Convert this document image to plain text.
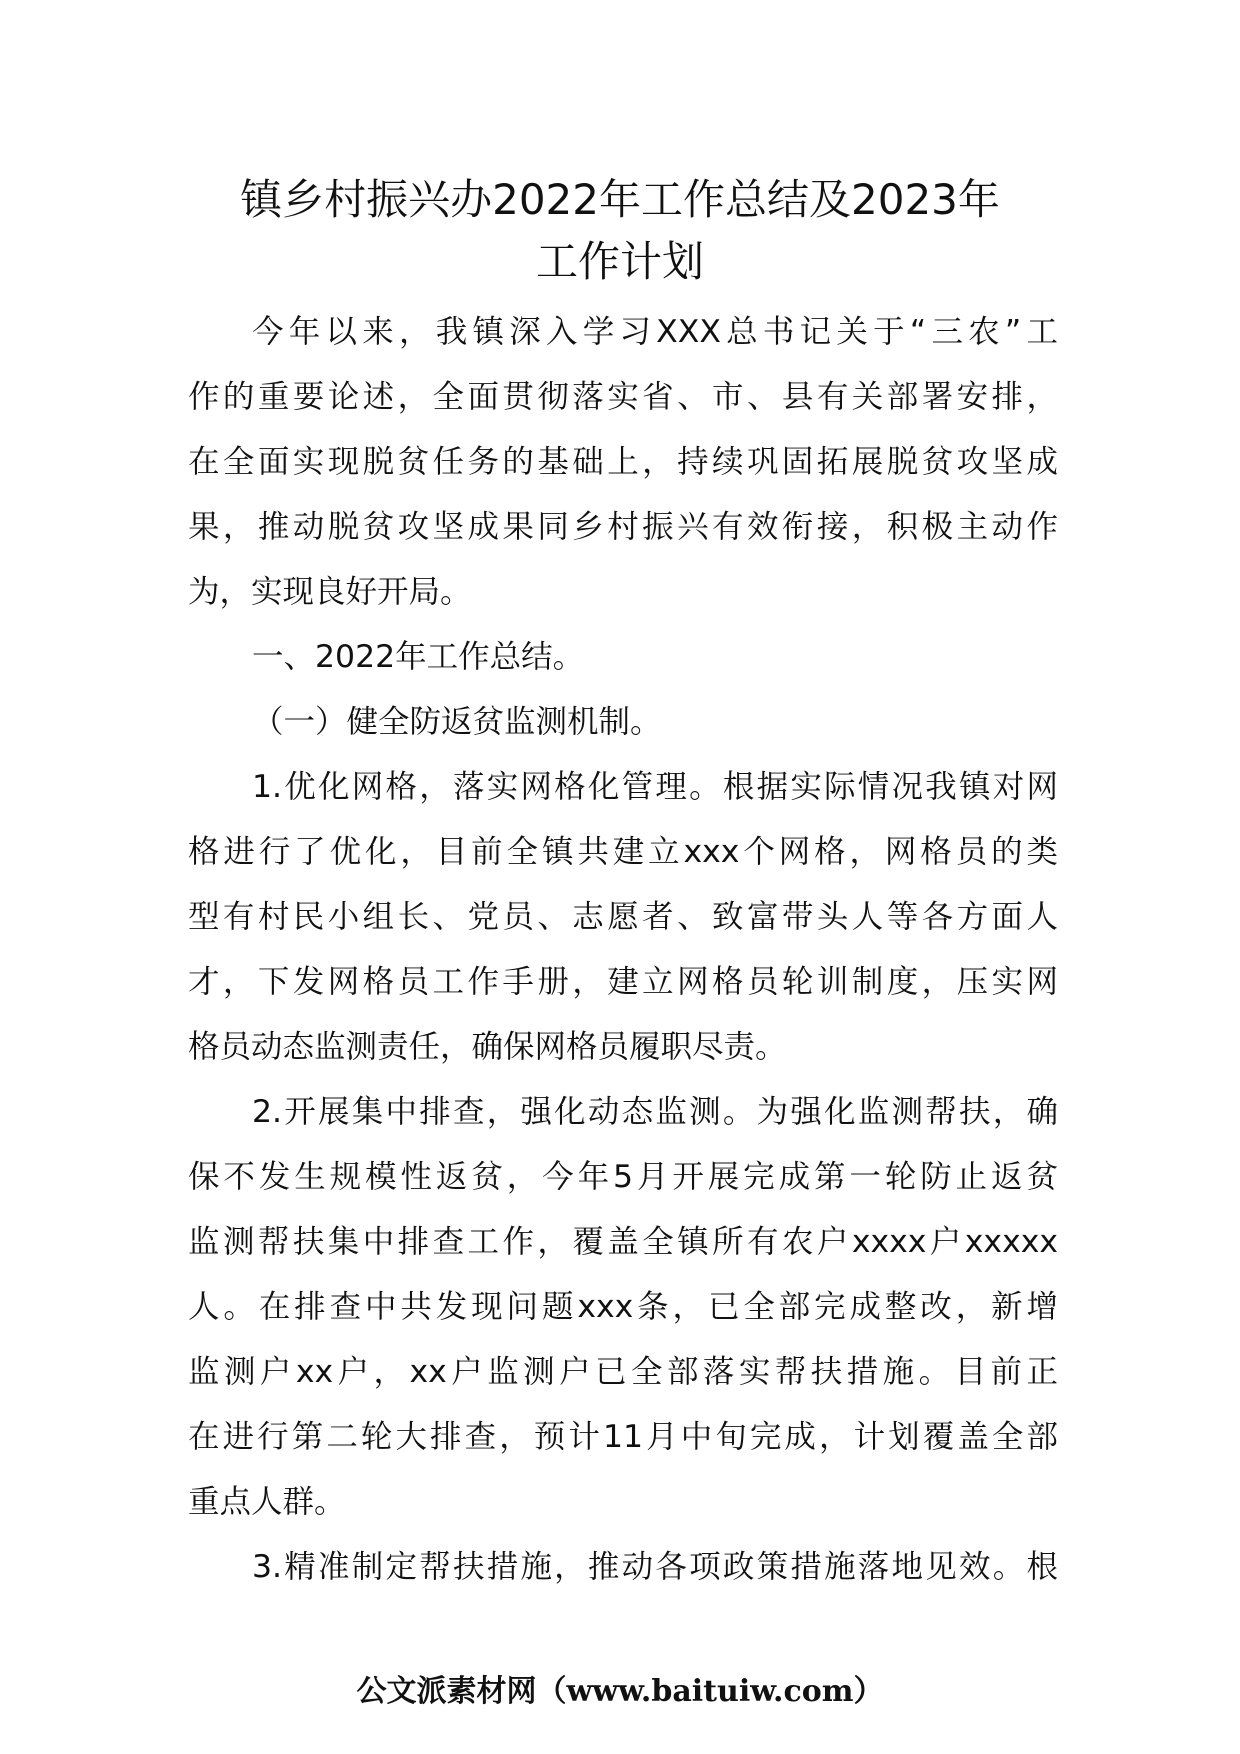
镇乡村振兴办2022年工作总结及2023年
工作计划

今年以来，我镇深入学习XXX总书记关于“三农”工
作的重要论述，全面贯彻落实省、市、县有关部署安排，
在全面实现脱贫任务的基础上，持续巩固拓展脱贫攻坚成
果，推动脱贫攻坚成果同乡村振兴有效衔接，积极主动作
为，实现良好开局。

一、2022年工作总结。

（一）健全防返贫监测机制。

1.优化网格，落实网格化管理。根据实际情况我镇对网
格进行了优化，目前全镇共建立xxx个网格，网格员的类
型有村民小组长、党员、志愿者、致富带头人等各方面人
才，下发网格员工作手册，建立网格员轮训制度，压实网
格员动态监测责任，确保网格员履职尽责。

2.开展集中排查，强化动态监测。为强化监测帮扶，确
保不发生规模性返贫，今年5月开展完成第一轮防止返贫
监测帮扶集中排查工作，覆盖全镇所有农户xxxx户xxxxx
人。在排查中共发现问题xxx条，已全部完成整改，新增
监测户xx户，xx户监测户已全部落实帮扶措施。目前正
在进行第二轮大排查，预计11月中旬完成，计划覆盖全部
重点人群。

3.精准制定帮扶措施，推动各项政策措施落地见效。根

公文派素材网（www.baituiw.com）
